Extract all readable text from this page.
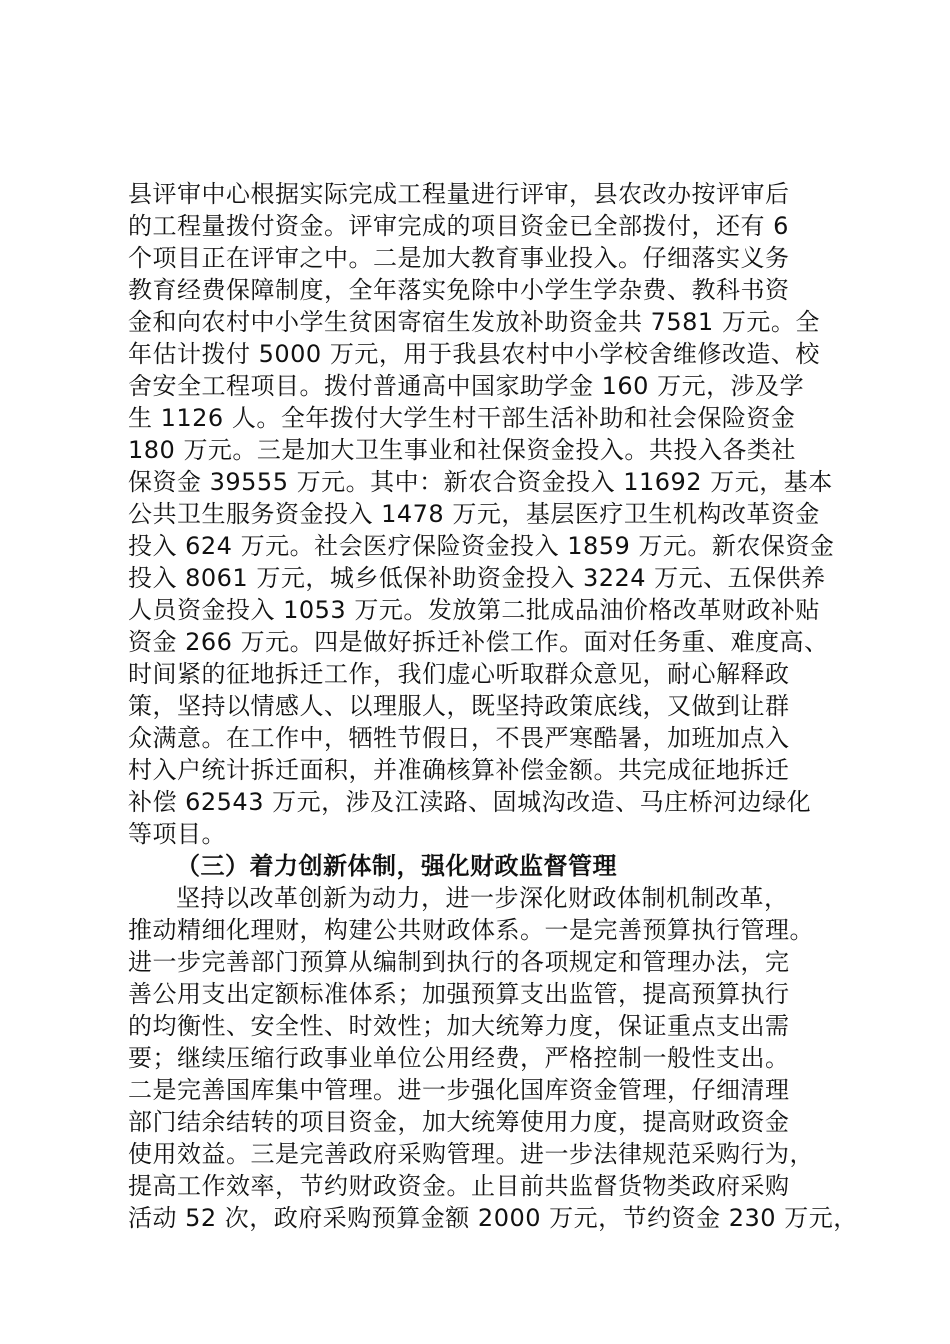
县评审中心根据实际完成工程量进行评审，县农改办按评审后
的工程量拨付资金。评审完成的项目资金已全部拨付，还有 6
个项目正在评审之中。二是加大教育事业投入。仔细落实义务
教育经费保障制度，全年落实免除中小学生学杂费、教科书资
金和向农村中小学生贫困寄宿生发放补助资金共 7581 万元。全
年估计拨付 5000 万元，用于我县农村中小学校舍维修改造、校
舍安全工程项目。拨付普通高中国家助学金 160 万元，涉及学
生 1126 人。全年拨付大学生村干部生活补助和社会保险资金
180 万元。三是加大卫生事业和社保资金投入。共投入各类社
保资金 39555 万元。其中：新农合资金投入 11692 万元，基本
公共卫生服务资金投入 1478 万元，基层医疗卫生机构改革资金
投入 624 万元。社会医疗保险资金投入 1859 万元。新农保资金
投入 8061 万元，城乡低保补助资金投入 3224 万元、五保供养
人员资金投入 1053 万元。发放第二批成品油价格改革财政补贴
资金 266 万元。四是做好拆迁补偿工作。面对任务重、难度高、
时间紧的征地拆迁工作，我们虚心听取群众意见，耐心解释政
策，坚持以情感人、以理服人，既坚持政策底线，又做到让群
众满意。在工作中，牺牲节假日，不畏严寒酷暑，加班加点入
村入户统计拆迁面积，并准确核算补偿金额。共完成征地拆迁
补偿 62543 万元，涉及江渎路、固城沟改造、马庄桥河边绿化
等项目。
（三）着力创新体制，强化财政监督管理
坚持以改革创新为动力，进一步深化财政体制机制改革，
推动精细化理财，构建公共财政体系。一是完善预算执行管理。
进一步完善部门预算从编制到执行的各项规定和管理办法，完
善公用支出定额标准体系；加强预算支出监管，提高预算执行
的均衡性、安全性、时效性；加大统筹力度，保证重点支出需
要；继续压缩行政事业单位公用经费，严格控制一般性支出。
二是完善国库集中管理。进一步强化国库资金管理，仔细清理
部门结余结转的项目资金，加大统筹使用力度，提高财政资金
使用效益。三是完善政府采购管理。进一步法律规范采购行为，
提高工作效率，节约财政资金。止目前共监督货物类政府采购
活动 52 次，政府采购预算金额 2000 万元，节约资金 230 万元，
